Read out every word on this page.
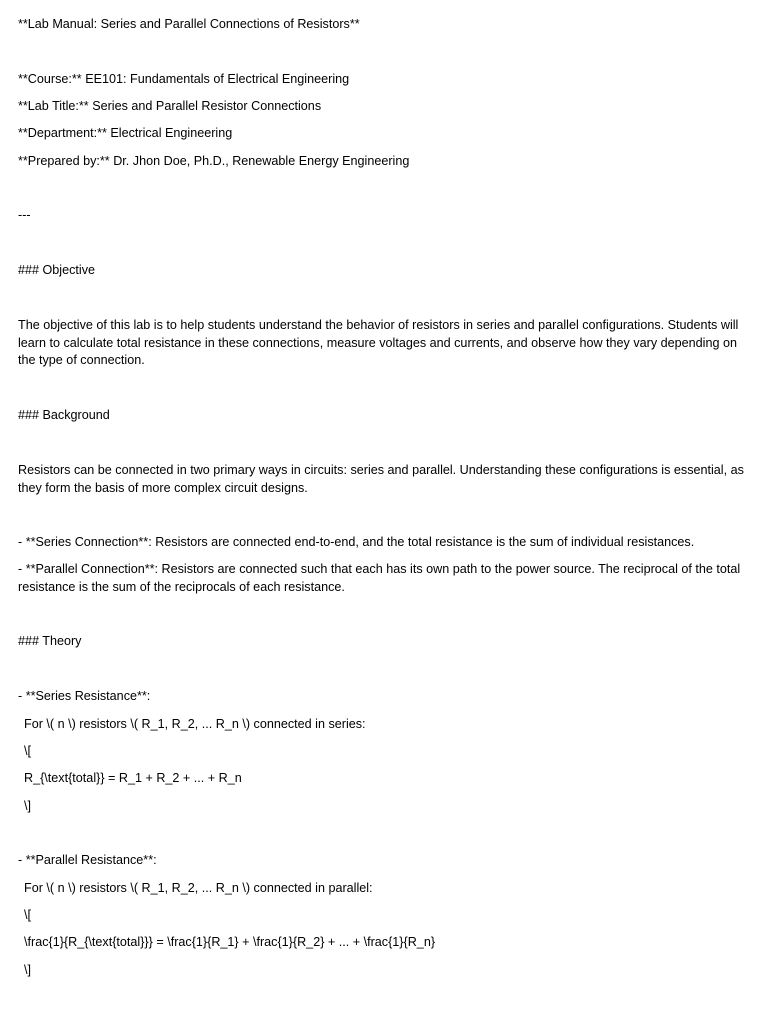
**Lab Manual: Series and Parallel Connections of Resistors**
**Course:** EE101: Fundamentals of Electrical Engineering
**Lab Title:** Series and Parallel Resistor Connections
**Department:** Electrical Engineering
**Prepared by:** Dr. Jhon Doe, Ph.D., Renewable Energy Engineering
---
### Objective
The objective of this lab is to help students understand the behavior of resistors in series and parallel configurations. Students will learn to calculate total resistance in these connections, measure voltages and currents, and observe how they vary depending on the type of connection.
### Background
Resistors can be connected in two primary ways in circuits: series and parallel. Understanding these configurations is essential, as they form the basis of more complex circuit designs.
- **Series Connection**: Resistors are connected end-to-end, and the total resistance is the sum of individual resistances.
- **Parallel Connection**: Resistors are connected such that each has its own path to the power source. The reciprocal of the total resistance is the sum of the reciprocals of each resistance.
### Theory
- **Series Resistance**:
For \( n \) resistors \( R_1, R_2, ... R_n \) connected in series:
\[
R_{\text{total}} = R_1 + R_2 + ... + R_n
\]
- **Parallel Resistance**:
For \( n \) resistors \( R_1, R_2, ... R_n \) connected in parallel:
\[
\frac{1}{R_{\text{total}}} = \frac{1}{R_1} + \frac{1}{R_2} + ... + \frac{1}{R_n}
\]
